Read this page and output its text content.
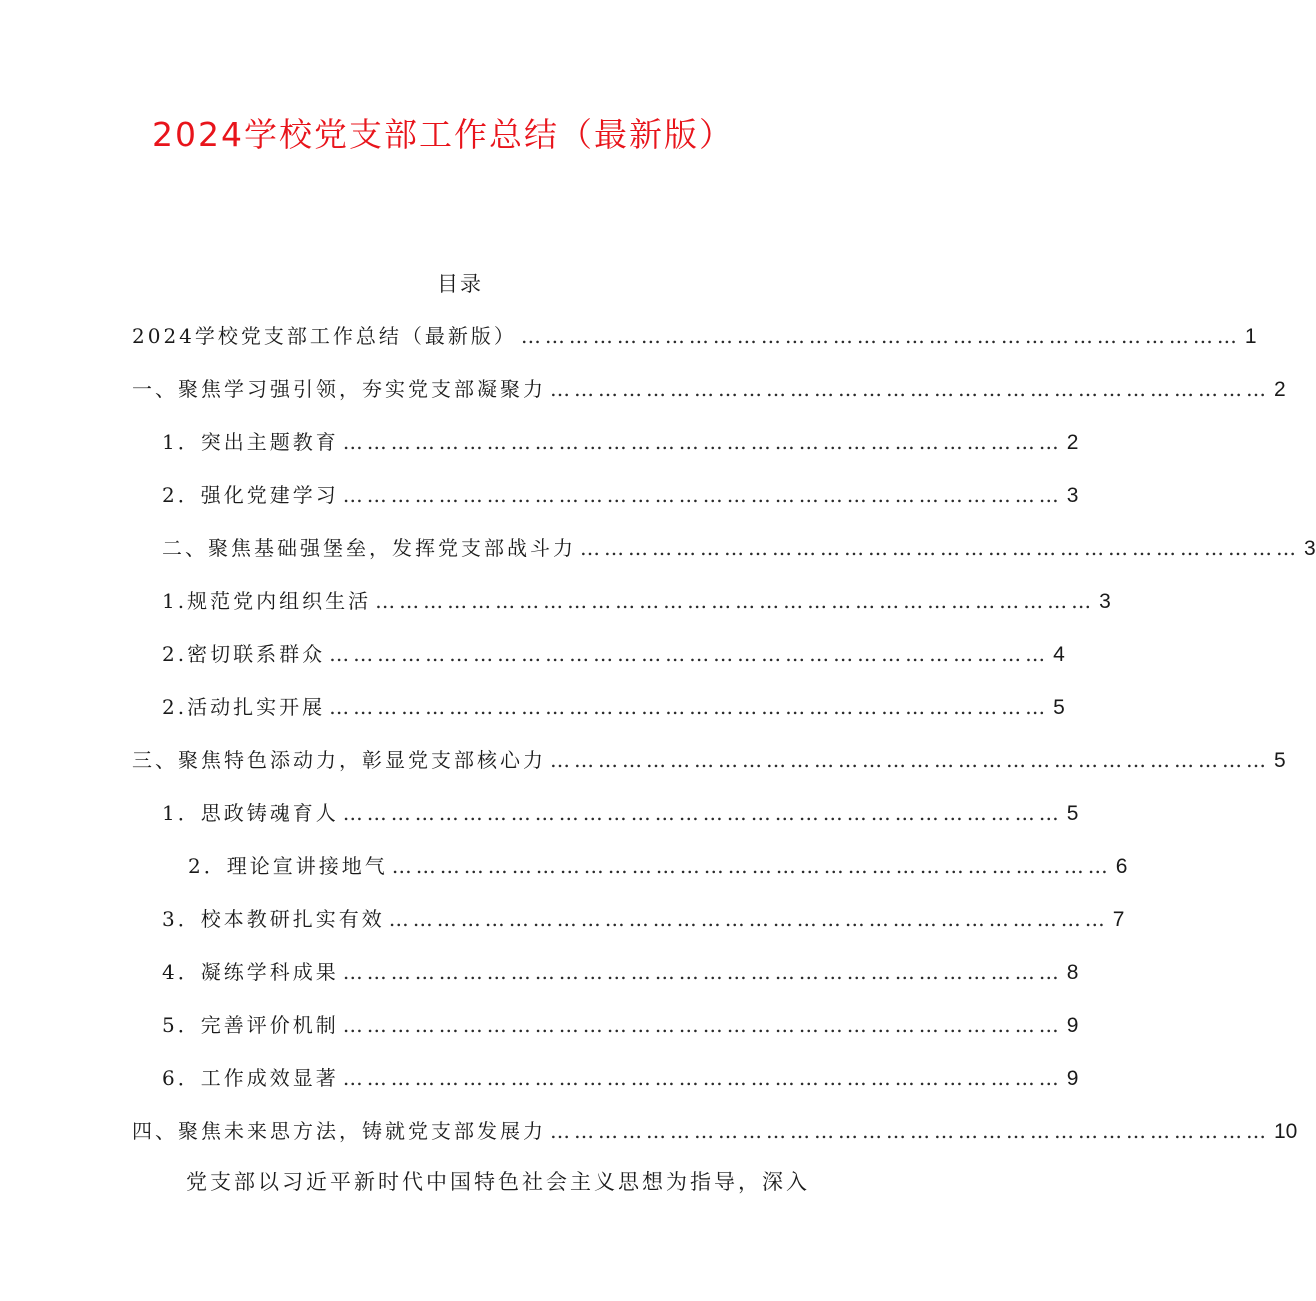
2024学校党支部工作总结（最新版）
目录
2024学校党支部工作总结（最新版） ……………………………………………………………………………… 1
一、聚焦学习强引领，夯实党支部凝聚力 ……………………………………………………………………………… 2
1．突出主题教育 ……………………………………………………………………………… 2
2．强化党建学习 ……………………………………………………………………………… 3
二、聚焦基础强堡垒，发挥党支部战斗力 ……………………………………………………………………………… 3
1.规范党内组织生活 ……………………………………………………………………………… 3
2.密切联系群众 ……………………………………………………………………………… 4
2.活动扎实开展 ……………………………………………………………………………… 5
三、聚焦特色添动力，彰显党支部核心力 ……………………………………………………………………………… 5
1．思政铸魂育人 ……………………………………………………………………………… 5
2．理论宣讲接地气 ……………………………………………………………………………… 6
3．校本教研扎实有效 ……………………………………………………………………………… 7
4．凝练学科成果 ……………………………………………………………………………… 8
5．完善评价机制 ……………………………………………………………………………… 9
6．工作成效显著 ……………………………………………………………………………… 9
四、聚焦未来思方法，铸就党支部发展力 ……………………………………………………………………………… 10
党支部以习近平新时代中国特色社会主义思想为指导，深入
